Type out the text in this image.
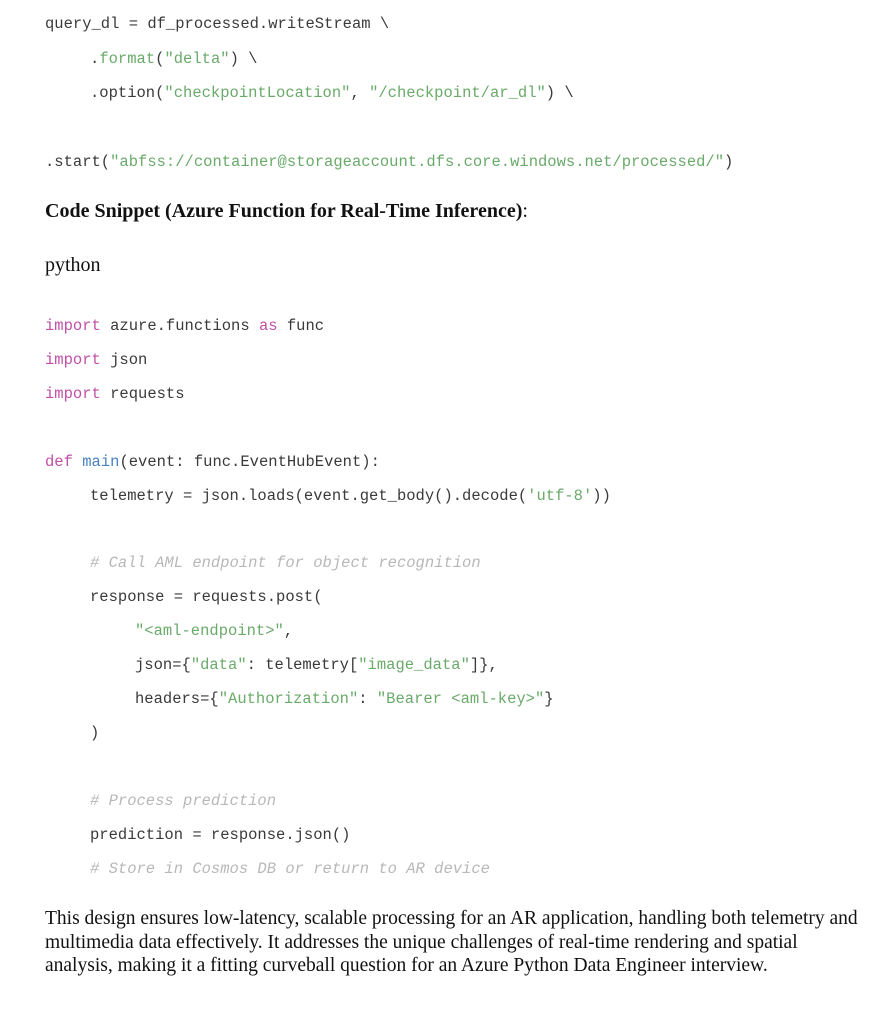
query_dl = df_processed.writeStream \
.format("delta") \
.option("checkpointLocation", "/checkpoint/ar_dl") \
.start("abfss://container@storageaccount.dfs.core.windows.net/processed/")
Code Snippet (Azure Function for Real-Time Inference):
python
import azure.functions as func
import json
import requests
def main(event: func.EventHubEvent):
telemetry = json.loads(event.get_body().decode('utf-8'))
# Call AML endpoint for object recognition
response = requests.post(
"<aml-endpoint>",
json={"data": telemetry["image_data"]},
headers={"Authorization": "Bearer <aml-key>"}
)
# Process prediction
prediction = response.json()
# Store in Cosmos DB or return to AR device
This design ensures low-latency, scalable processing for an AR application, handling both telemetry and multimedia data effectively. It addresses the unique challenges of real-time rendering and spatial analysis, making it a fitting curveball question for an Azure Python Data Engineer interview.
